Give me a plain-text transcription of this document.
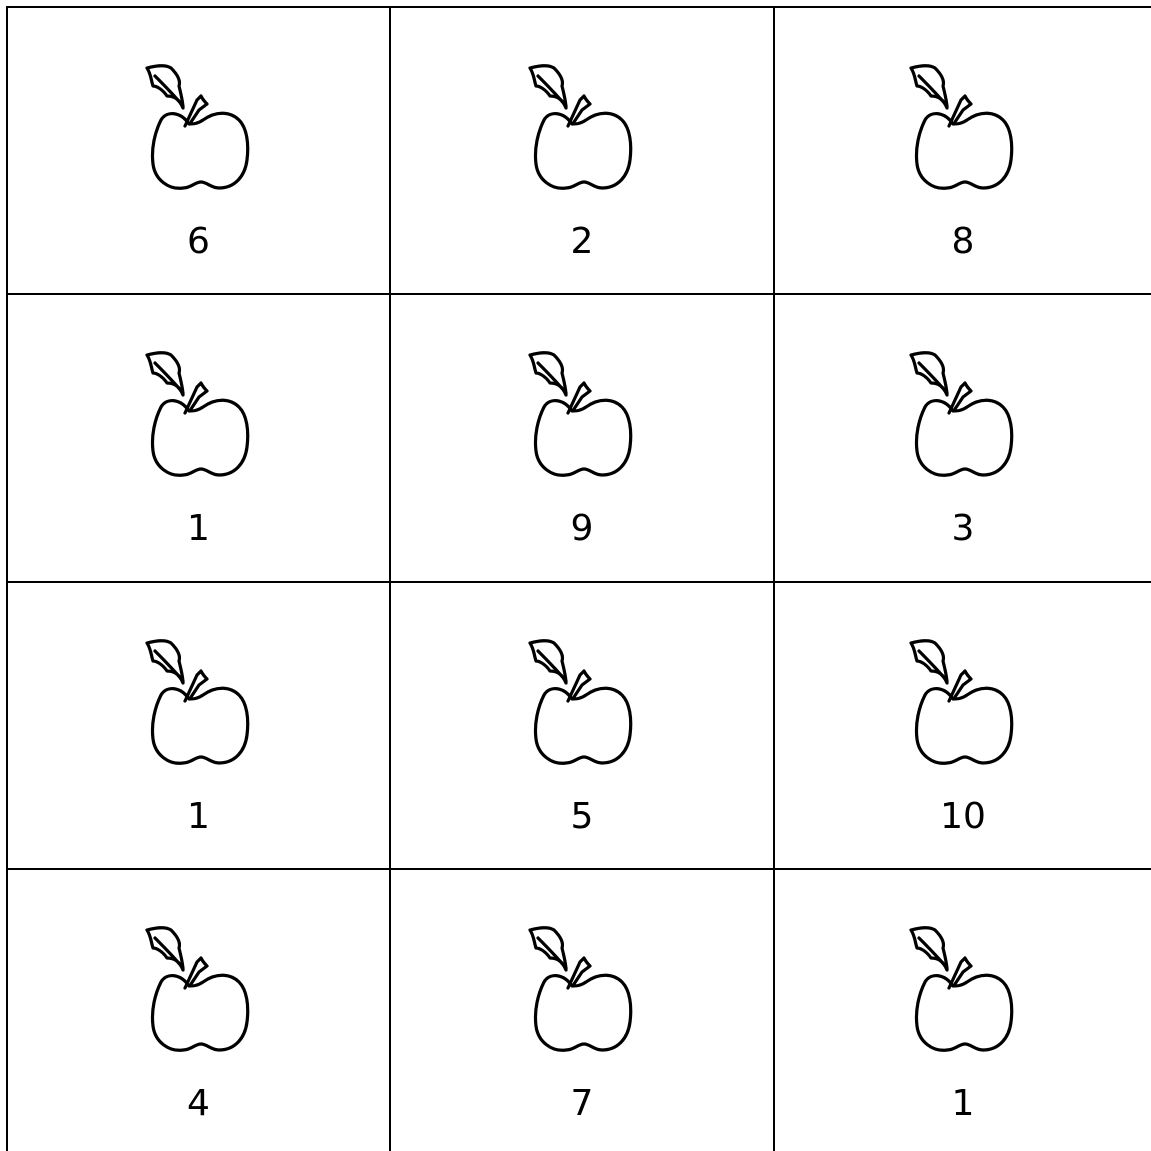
6	2	8
1	9	3
1	5	10
4	7	1
